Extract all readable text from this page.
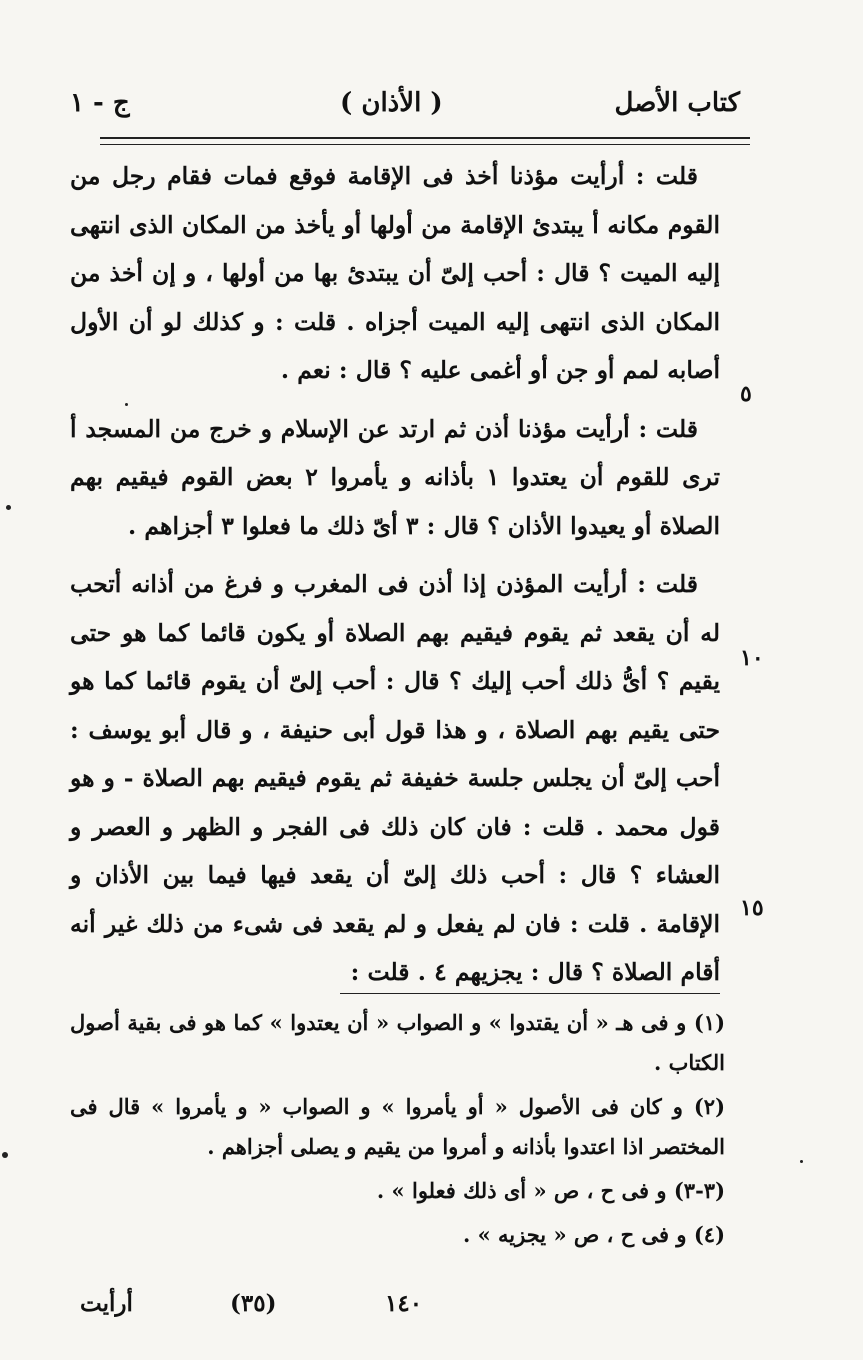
كتاب الأصل
( الأذان )
ج - ١

قلت : أرأيت مؤذنا أخذ فى الإقامة فوقع فمات فقام رجل من القوم مكانه أ يبتدئ الإقامة من أولها أو يأخذ من المكان الذى انتهى إليه الميت ؟ قال : أحب إلىّ أن يبتدئ بها من أولها ، و إن أخذ من المكان الذى انتهى إليه الميت أجزاه . قلت : و كذلك لو أن الأول أصابه لمم أو جن أو أغمى عليه ؟ قال : نعم .

قلت : أرأيت مؤذنا أذن ثم ارتد عن الإسلام و خرج من المسجد أ ترى للقوم أن يعتدوا ١ بأذانه و يأمروا ٢ بعض القوم فيقيم بهم الصلاة أو يعيدوا الأذان ؟ قال : ٣ أىّ ذلك ما فعلوا ٣ أجزاهم .

قلت : أرأيت المؤذن إذا أذن فى المغرب و فرغ من أذانه أتحب له أن يقعد ثم يقوم فيقيم بهم الصلاة أو يكون قائما كما هو حتى يقيم ؟ أىُّ ذلك أحب إليك ؟ قال : أحب إلىّ أن يقوم قائما كما هو حتى يقيم بهم الصلاة ، و هذا قول أبى حنيفة ، و قال أبو يوسف : أحب إلىّ أن يجلس جلسة خفيفة ثم يقوم فيقيم بهم الصلاة - و هو قول محمد . قلت : فان كان ذلك فى الفجر و الظهر و العصر و العشاء ؟ قال : أحب ذلك إلىّ أن يقعد فيها فيما بين الأذان و الإقامة . قلت : فان لم يفعل و لم يقعد فى شىء من ذلك غير أنه أقام الصلاة ؟ قال : يجزيهم ٤ . قلت :

٥
١٠
١٥

(١) و فى هـ « أن يقتدوا » و الصواب « أن يعتدوا » كما هو فى بقية أصول الكتاب .

(٢) و كان فى الأصول « أو يأمروا » و الصواب « و يأمروا » قال فى المختصر اذا اعتدوا بأذانه و أمروا من يقيم و يصلى أجزاهم .

(٣-٣) و فى ح ، ص « أى ذلك فعلوا » .

(٤) و فى ح ، ص « يجزيه » .

أرأيت	(٣٥)	١٤٠
